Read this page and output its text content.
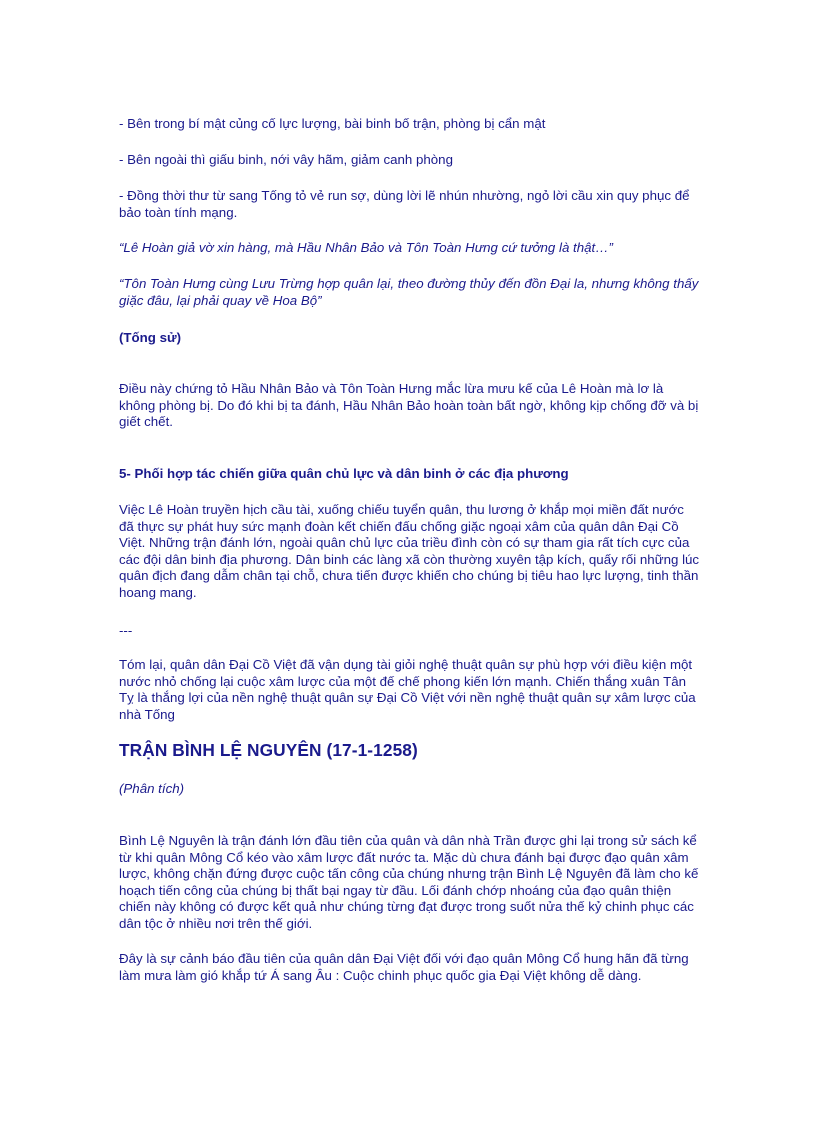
- Bên trong bí mật củng cố lực lượng, bài binh bố trận, phòng bị cẩn mật

- Bên ngoài thì giấu binh, nới vây hãm, giảm canh phòng

- Đồng thời thư từ sang Tống tỏ vẻ run sợ, dùng lời lẽ nhún nhường, ngỏ lời cầu xin quy phục để bảo toàn tính mạng.

“Lê Hoàn giả vờ xin hàng, mà Hầu Nhân Bảo và Tôn Toàn Hưng cứ tưởng là thật…”

“Tôn Toàn Hưng cùng Lưu Trừng hợp quân lại, theo đường thủy đến đồn Đại la, nhưng không thấy giặc đâu, lại phải quay về Hoa Bộ”

(Tống sử)

Điều này chứng tỏ Hầu Nhân Bảo và Tôn Toàn Hưng mắc lừa mưu kế của Lê Hoàn mà lơ là không phòng bị. Do đó khi bị ta đánh, Hầu Nhân Bảo hoàn toàn bất ngờ, không kịp chống đỡ và bị giết chết.

5- Phối hợp tác chiến giữa quân chủ lực và dân binh ở các địa phương

Việc Lê Hoàn truyền hịch cầu tài, xuống chiếu tuyển quân, thu lương ở khắp mọi miền đất nước đã thực sự phát huy sức mạnh đoàn kết chiến đấu chống giặc ngoại xâm của quân dân Đại Cồ Việt. Những trận đánh lớn, ngoài quân chủ lực của triều đình còn có sự tham gia rất tích cực của các đội dân binh địa phương. Dân binh các làng xã còn thường xuyên tập kích, quấy rối những lúc quân địch đang dẫm chân tại chỗ, chưa tiến được khiến cho chúng bị tiêu hao lực lượng, tinh thần hoang mang.

---

Tóm lại, quân dân Đại Cồ Việt đã vận dụng tài giỏi nghệ thuật quân sự phù hợp với điều kiện một nước nhỏ chống lại cuộc xâm lược của một đế chế phong kiến lớn mạnh. Chiến thắng xuân Tân Tỵ là thắng lợi của nền nghệ thuật quân sự Đại Cồ Việt với nền nghệ thuật quân sự xâm lược của nhà Tống

TRẬN BÌNH LỆ NGUYÊN (17-1-1258)

(Phân tích)

Bình Lệ Nguyên là trận đánh lớn đầu tiên của quân và dân nhà Trần được ghi lại trong sử sách kể từ khi quân Mông Cổ kéo vào xâm lược đất nước ta. Mặc dù chưa đánh bại được đạo quân xâm lược, không chặn đứng được cuộc tấn công của chúng nhưng trận Bình Lệ Nguyên đã làm cho kế hoạch tiến công của chúng bị thất bại ngay từ đầu. Lối đánh chớp nhoáng của đạo quân thiện chiến này không có được kết quả như chúng từng đạt được trong suốt nửa thế kỷ chinh phục các dân tộc ở nhiều nơi trên thế giới.

Đây là sự cảnh báo đầu tiên của quân dân Đại Việt đối với đạo quân Mông Cổ hung hãn đã từng làm mưa làm gió khắp tứ Á sang Âu : Cuộc chinh phục quốc gia Đại Việt không dễ dàng.
